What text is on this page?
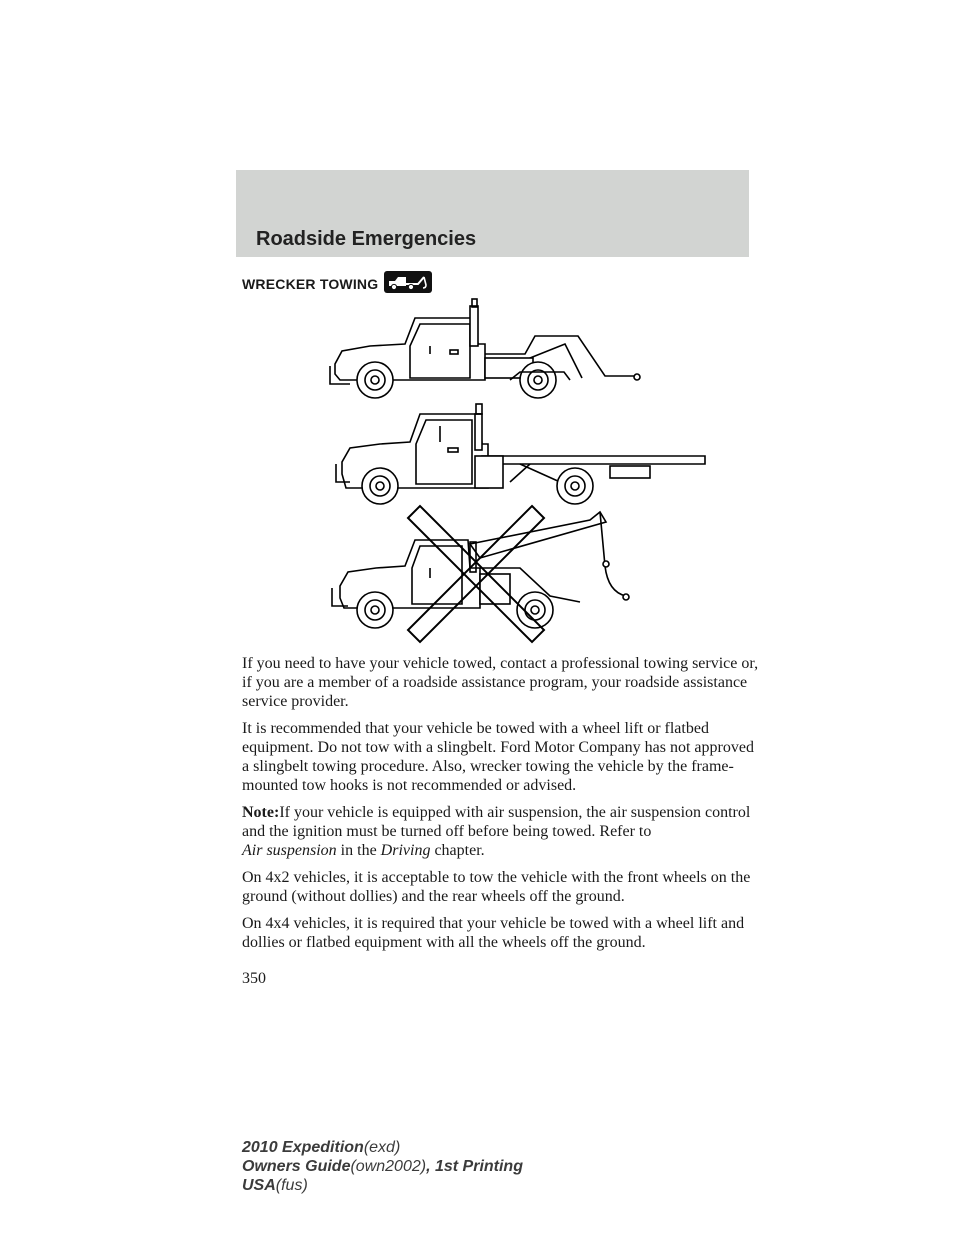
Roadside Emergencies
WRECKER TOWING

If you need to have your vehicle towed, contact a professional towing service or, if you are a member of a roadside assistance program, your roadside assistance service provider.

It is recommended that your vehicle be towed with a wheel lift or flatbed equipment. Do not tow with a slingbelt. Ford Motor Company has not approved a slingbelt towing procedure. Also, wrecker towing the vehicle by the frame-mounted tow hooks is not recommended or advised.

Note:If your vehicle is equipped with air suspension, the air suspension control and the ignition must be turned off before being towed. Refer to
Air suspension in the Driving chapter.

On 4x2 vehicles, it is acceptable to tow the vehicle with the front wheels on the ground (without dollies) and the rear wheels off the ground.

On 4x4 vehicles, it is required that your vehicle be towed with a wheel lift and dollies or flatbed equipment with all the wheels off the ground.

350
2010 Expedition(exd)
Owners Guide(own2002), 1st Printing
USA(fus)
